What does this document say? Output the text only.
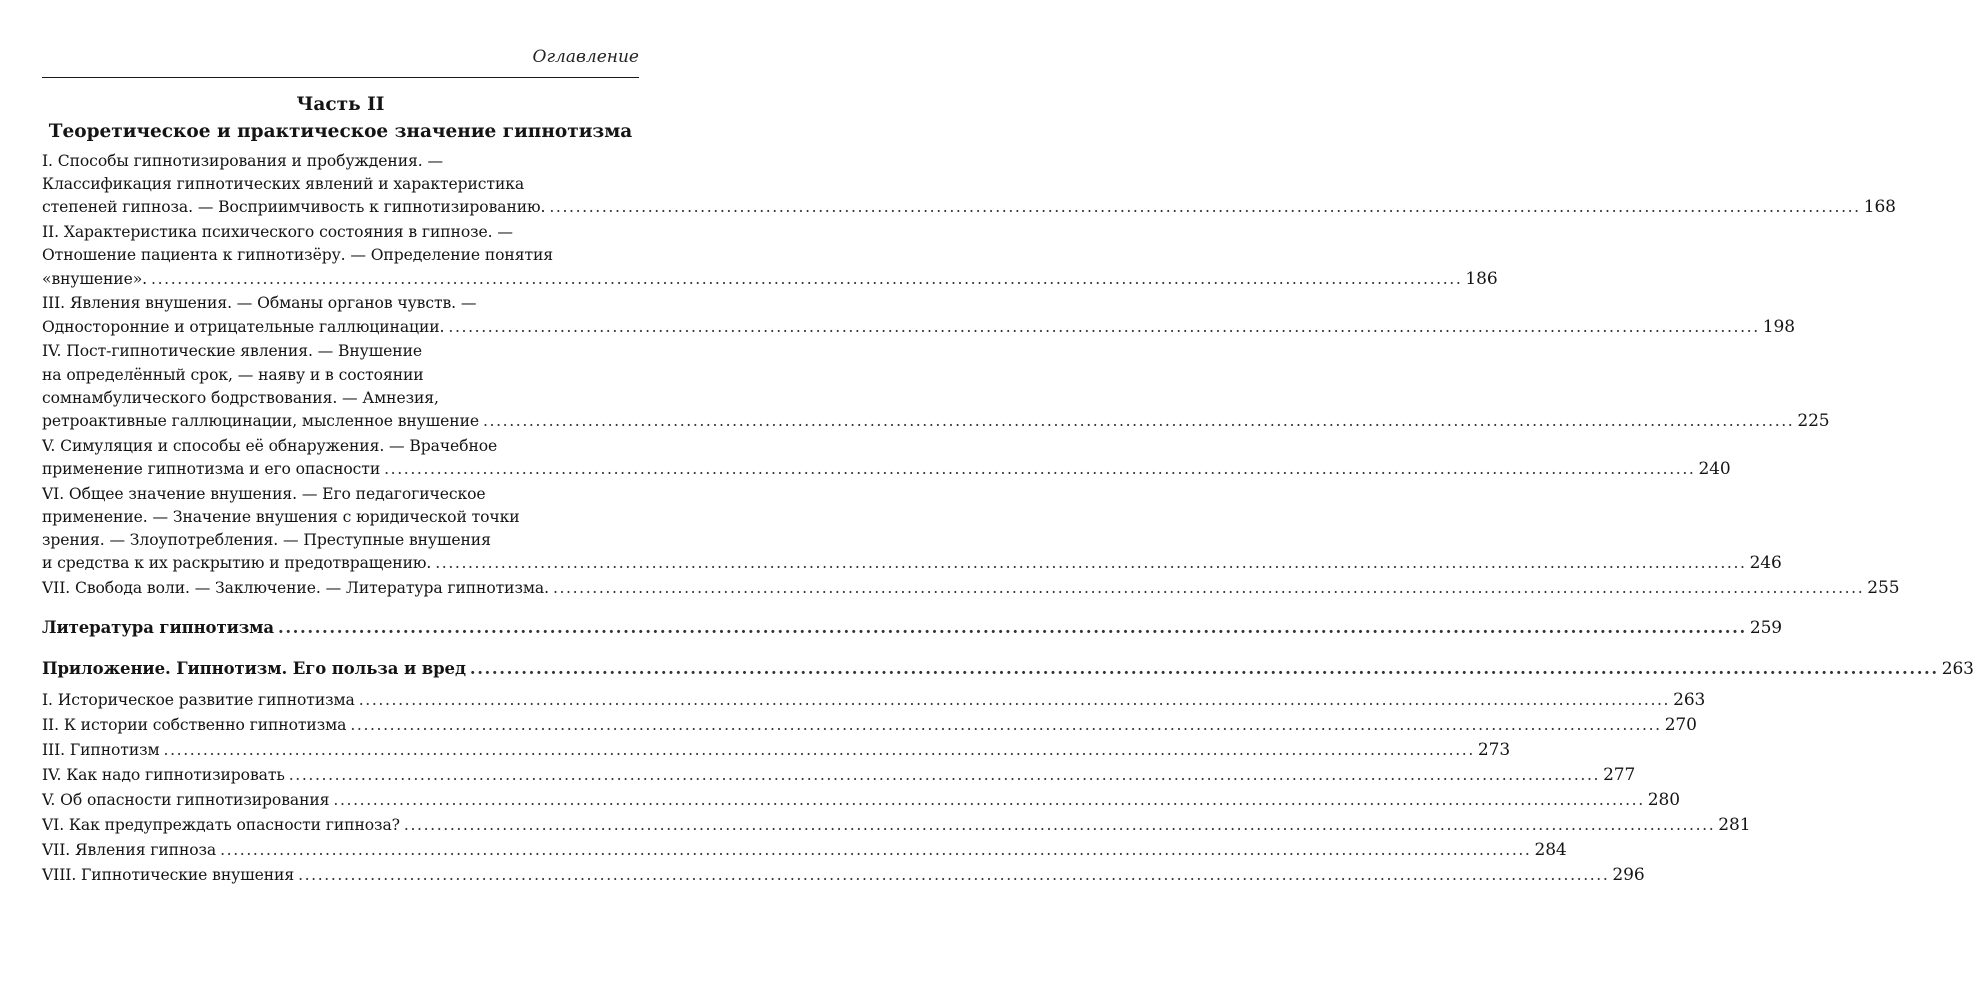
Оглавление
Часть II
Теоретическое и практическое значение гипнотизма
I. Способы гипнотизирования и пробуждения. —
Классификация гипнотических явлений и характеристика
степеней гипноза. — Восприимчивость к гипнотизированию. ........................................................................................................................................................................................................ 168
II. Характеристика психического состояния в гипнозе. —
Отношение пациента к гипнотизёру. — Определение понятия
«внушение». ........................................................................................................................................................................................................ 186
III. Явления внушения. — Обманы органов чувств. —
Односторонние и отрицательные галлюцинации. ........................................................................................................................................................................................................ 198
IV. Пост-гипнотические явления. — Внушение
на определённый срок, — наяву и в состоянии
сомнамбулического бодрствования. — Амнезия,
ретроактивные галлюцинации, мысленное внушение ........................................................................................................................................................................................................ 225
V. Симуляция и способы её обнаружения. — Врачебное
применение гипнотизма и его опасности ........................................................................................................................................................................................................ 240
VI. Общее значение внушения. — Его педагогическое
применение. — Значение внушения с юридической точки
зрения. — Злоупотребления. — Преступные внушения
и средства к их раскрытию и предотвращению. ........................................................................................................................................................................................................ 246
VII. Свобода воли. — Заключение. — Литература гипнотизма. ........................................................................................................................................................................................................ 255
Литература гипнотизма ........................................................................................................................................................................................................ 259
Приложение. Гипнотизм. Его польза и вред ........................................................................................................................................................................................................ 263
I. Историческое развитие гипнотизма ........................................................................................................................................................................................................ 263
II. К истории собственно гипнотизма ........................................................................................................................................................................................................ 270
III. Гипнотизм ........................................................................................................................................................................................................ 273
IV. Как надо гипнотизировать ........................................................................................................................................................................................................ 277
V. Об опасности гипнотизирования ........................................................................................................................................................................................................ 280
VI. Как предупреждать опасности гипноза? ........................................................................................................................................................................................................ 281
VII. Явления гипноза ........................................................................................................................................................................................................ 284
VIII. Гипнотические внушения ........................................................................................................................................................................................................ 296
